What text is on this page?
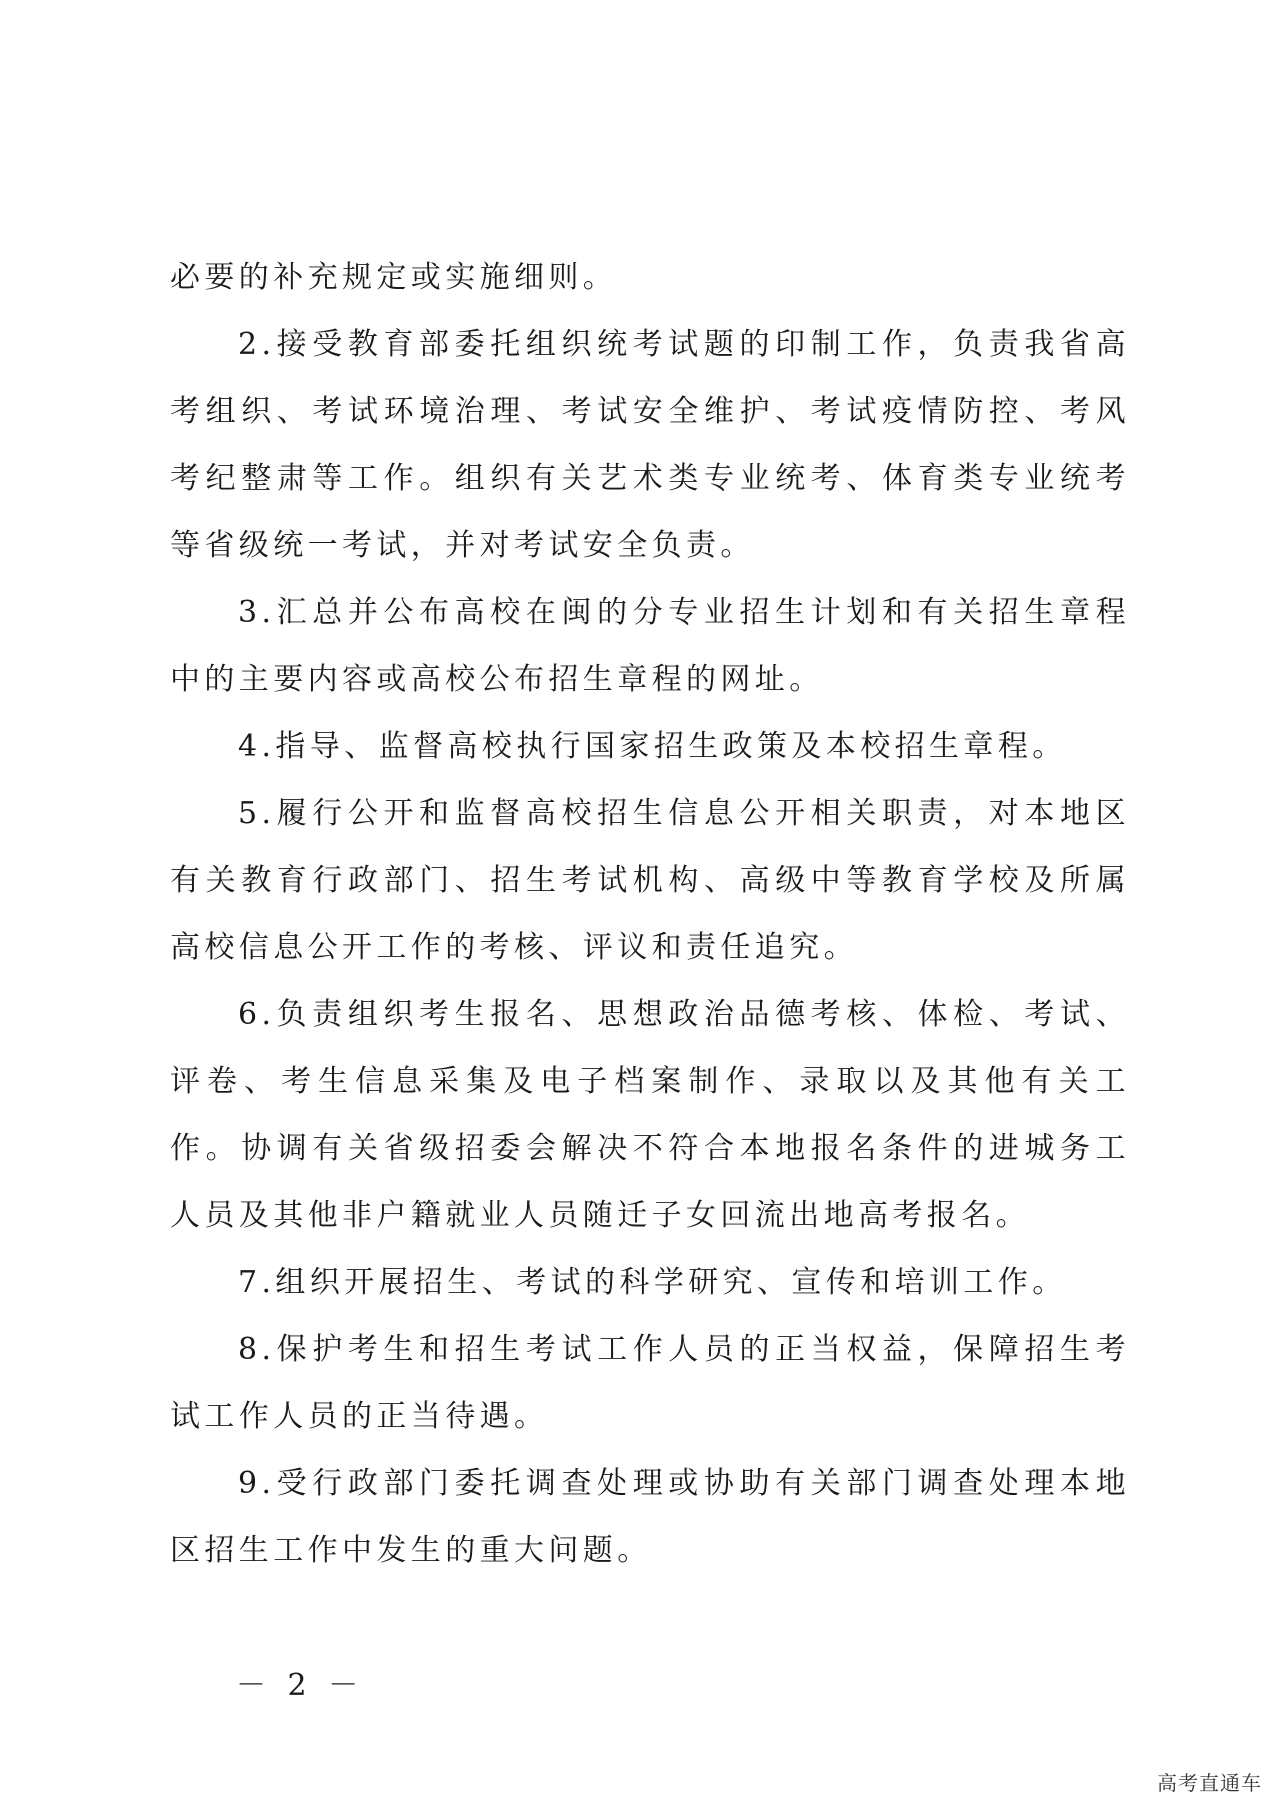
必要的补充规定或实施细则。

2.接受教育部委托组织统考试题的印制工作，负责我省高考组织、考试环境治理、考试安全维护、考试疫情防控、考风考纪整肃等工作。组织有关艺术类专业统考、体育类专业统考等省级统一考试，并对考试安全负责。

3.汇总并公布高校在闽的分专业招生计划和有关招生章程中的主要内容或高校公布招生章程的网址。

4.指导、监督高校执行国家招生政策及本校招生章程。

5.履行公开和监督高校招生信息公开相关职责，对本地区有关教育行政部门、招生考试机构、高级中等教育学校及所属高校信息公开工作的考核、评议和责任追究。

6.负责组织考生报名、思想政治品德考核、体检、考试、评卷、考生信息采集及电子档案制作、录取以及其他有关工作。协调有关省级招委会解决不符合本地报名条件的进城务工人员及其他非户籍就业人员随迁子女回流出地高考报名。

7.组织开展招生、考试的科学研究、宣传和培训工作。

8.保护考生和招生考试工作人员的正当权益，保障招生考试工作人员的正当待遇。

9.受行政部门委托调查处理或协助有关部门调查处理本地区招生工作中发生的重大问题。

－ 2 －
高考直通车
